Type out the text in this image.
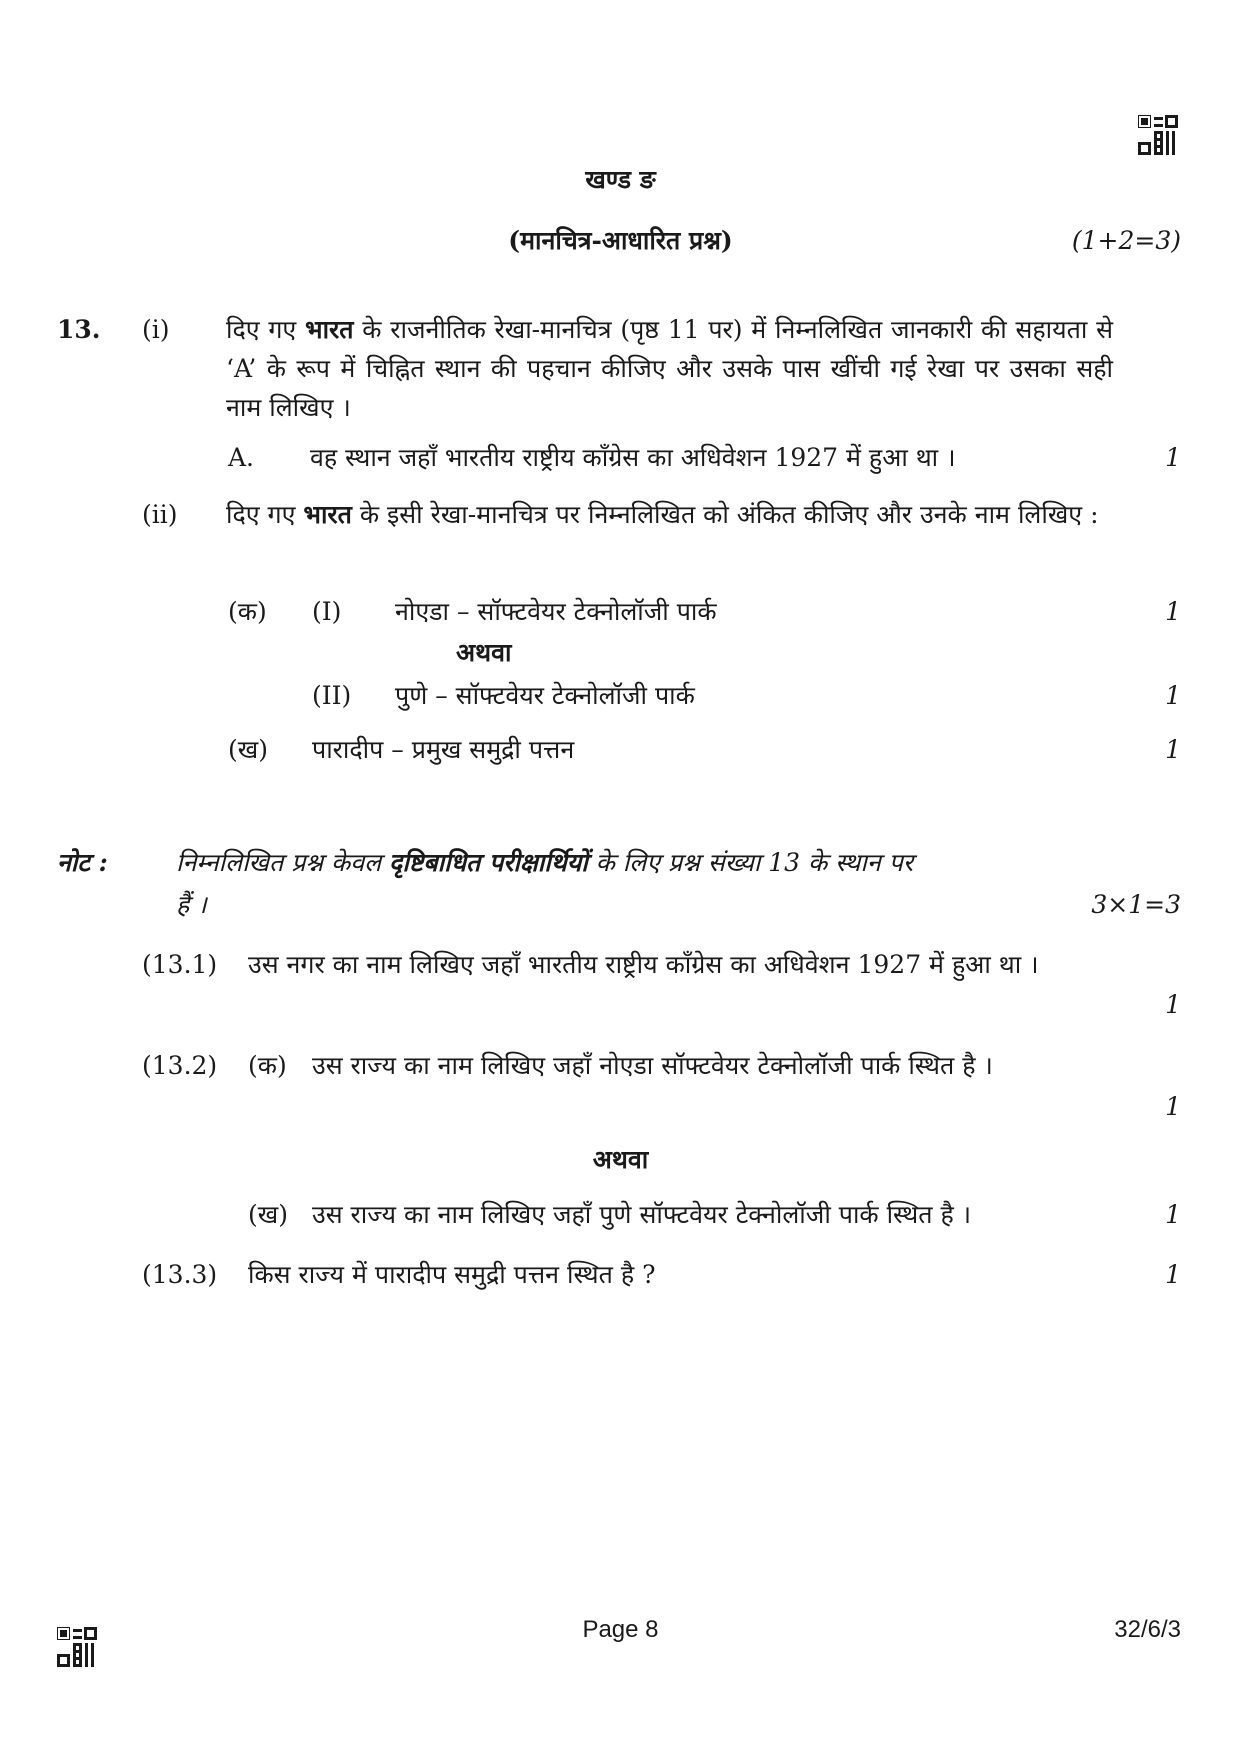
खण्ड ङ
(मानचित्र-आधारित प्रश्न)	(1+2=3)
13. (i) दिए गए भारत के राजनीतिक रेखा-मानचित्र (पृष्ठ 11 पर) में निम्नलिखित जानकारी की सहायता से ‘A’ के रूप में चिह्नित स्थान की पहचान कीजिए और उसके पास खींची गई रेखा पर उसका सही नाम लिखिए ।
A. वह स्थान जहाँ भारतीय राष्ट्रीय काँग्रेस का अधिवेशन 1927 में हुआ था ।	1
(ii) दिए गए भारत के इसी रेखा-मानचित्र पर निम्नलिखित को अंकित कीजिए और उनके नाम लिखिए :
(क) (I) नोएडा – सॉफ्टवेयर टेक्नोलॉजी पार्क	1
अथवा
(II) पुणे – सॉफ्टवेयर टेक्नोलॉजी पार्क	1
(ख) पारादीप – प्रमुख समुद्री पत्तन	1
नोट :	निम्नलिखित प्रश्न केवल दृष्टिबाधित परीक्षार्थियों के लिए प्रश्न संख्या 13 के स्थान पर
हैं ।	3×1=3
(13.1) उस नगर का नाम लिखिए जहाँ भारतीय राष्ट्रीय काँग्रेस का अधिवेशन 1927 में हुआ था ।
1
(13.2) (क) उस राज्य का नाम लिखिए जहाँ नोएडा सॉफ्टवेयर टेक्नोलॉजी पार्क स्थित है ।
1
अथवा
(ख) उस राज्य का नाम लिखिए जहाँ पुणे सॉफ्टवेयर टेक्नोलॉजी पार्क स्थित है ।	1
(13.3) किस राज्य में पारादीप समुद्री पत्तन स्थित है ?	1
Page 8	32/6/3
